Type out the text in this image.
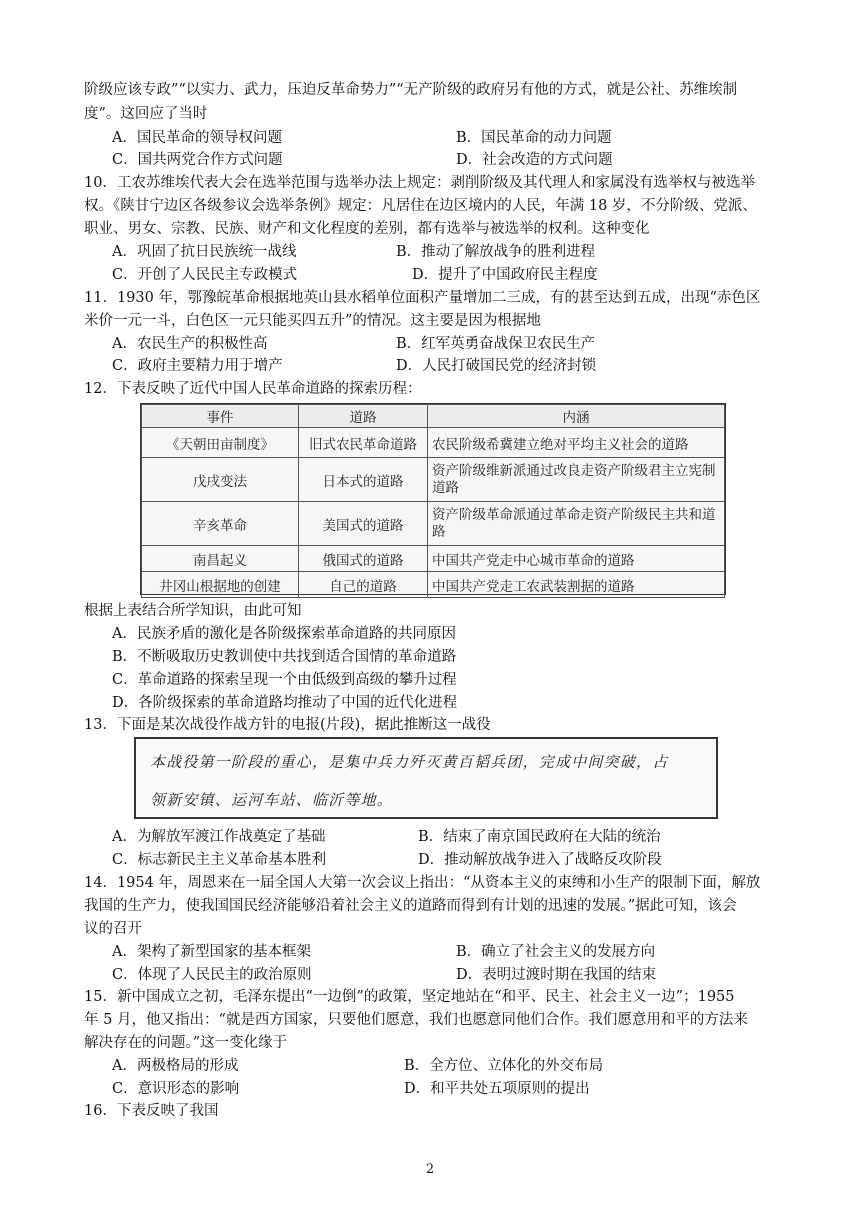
阶级应该专政”“以实力、武力，压迫反革命势力”“无产阶级的政府另有他的方式，就是公社、苏维埃制
度”。这回应了当时
A．国民革命的领导权问题	B．国民革命的动力问题
C．国共两党合作方式问题	D．社会改造的方式问题
10．工农苏维埃代表大会在选举范围与选举办法上规定：剥削阶级及其代理人和家属没有选举权与被选举
权。《陕甘宁边区各级参议会选举条例》规定：凡居住在边区境内的人民，年满 18 岁，不分阶级、党派、
职业、男女、宗教、民族、财产和文化程度的差别，都有选举与被选举的权利。这种变化
A．巩固了抗日民族统一战线	B．推动了解放战争的胜利进程
C．开创了人民民主专政模式	D．提升了中国政府民主程度
11．1930 年，鄂豫皖革命根据地英山县水稻单位面积产量增加二三成，有的甚至达到五成，出现“赤色区
米价一元一斗，白色区一元只能买四五升”的情况。这主要是因为根据地
A．农民生产的积极性高	B．红军英勇奋战保卫农民生产
C．政府主要精力用于增产	D．人民打破国民党的经济封锁
12．下表反映了近代中国人民革命道路的探索历程：
事件	道路	内涵
《天朝田亩制度》	旧式农民革命道路	农民阶级希冀建立绝对平均主义社会的道路
戊戌变法	日本式的道路	资产阶级维新派通过改良走资产阶级君主立宪制道路
辛亥革命	美国式的道路	资产阶级革命派通过革命走资产阶级民主共和道路
南昌起义	俄国式的道路	中国共产党走中心城市革命的道路
井冈山根据地的创建	自己的道路	中国共产党走工农武装割据的道路
根据上表结合所学知识，由此可知
A．民族矛盾的激化是各阶级探索革命道路的共同原因
B．不断吸取历史教训使中共找到适合国情的革命道路
C．革命道路的探索呈现一个由低级到高级的攀升过程
D．各阶级探索的革命道路均推动了中国的近代化进程
13．下面是某次战役作战方针的电报(片段)，据此推断这一战役
本战役第一阶段的重心，是集中兵力歼灭黄百韬兵团，完成中间突破，占
领新安镇、运河车站、临沂等地。
A．为解放军渡江作战奠定了基础	B．结束了南京国民政府在大陆的统治
C．标志新民主主义革命基本胜利	D．推动解放战争进入了战略反攻阶段
14．1954 年，周恩来在一届全国人大第一次会议上指出：“从资本主义的束缚和小生产的限制下面，解放
我国的生产力，使我国国民经济能够沿着社会主义的道路而得到有计划的迅速的发展。”据此可知，该会
议的召开
A．架构了新型国家的基本框架	B．确立了社会主义的发展方向
C．体现了人民民主的政治原则	D．表明过渡时期在我国的结束
15．新中国成立之初，毛泽东提出“一边倒”的政策，坚定地站在“和平、民主、社会主义一边”；1955
年 5 月，他又指出：“就是西方国家，只要他们愿意，我们也愿意同他们合作。我们愿意用和平的方法来
解决存在的问题。”这一变化缘于
A．两极格局的形成	B．全方位、立体化的外交布局
C．意识形态的影响	D．和平共处五项原则的提出
16．下表反映了我国
2
